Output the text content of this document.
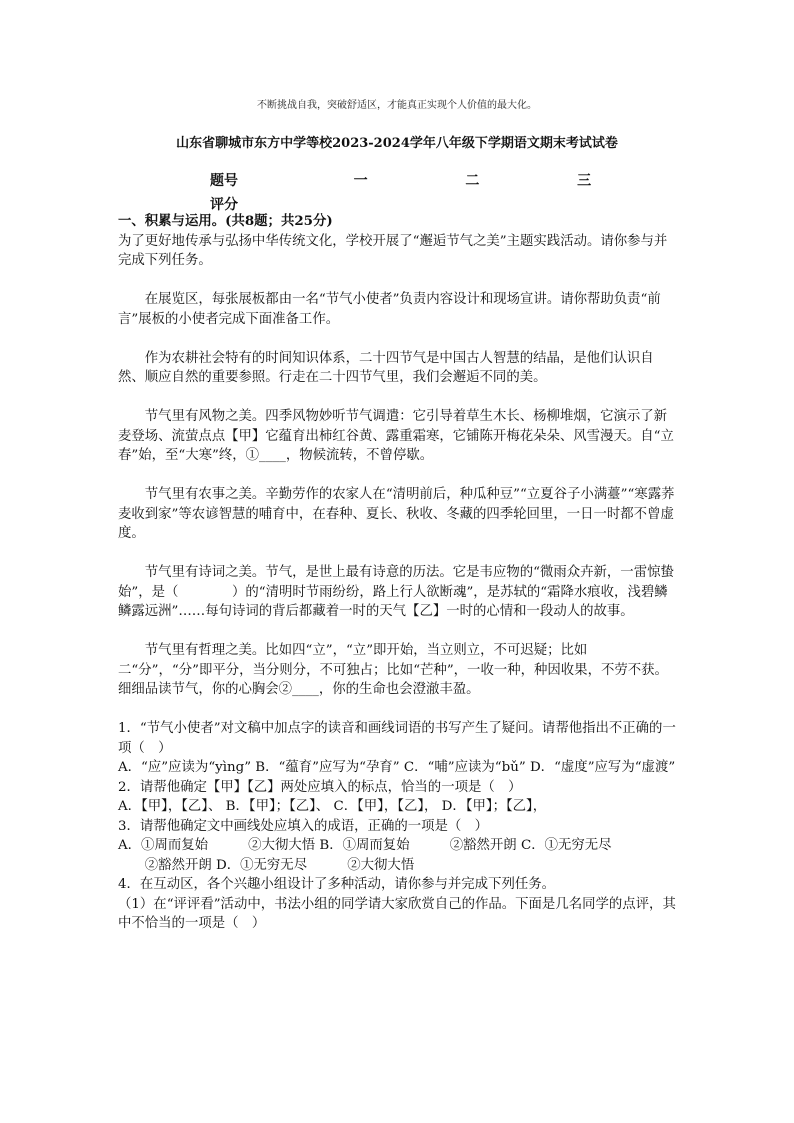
不断挑战自我，突破舒适区，才能真正实现个人价值的最大化。
山东省聊城市东方中学等校2023-2024学年八年级下学期语文期末考试试卷
题号	一	二	三
评分
一、积累与运用。(共8题；共25分)

为了更好地传承与弘扬中华传统文化，学校开展了“邂逅节气之美”主题实践活动。请你参与并完成下列任务。

在展览区，每张展板都由一名“节气小使者”负责内容设计和现场宣讲。请你帮助负责“前言”展板的小使者完成下面准备工作。

作为农耕社会特有的时间知识体系，二十四节气是中国古人智慧的结晶，是他们认识自然、顺应自然的重要参照。行走在二十四节气里，我们会邂逅不同的美。

节气里有风物之美。四季风物妙听节气调遣：它引导着草生木长、杨柳堆烟，它演示了新麦登场、流萤点点【甲】它蕴育出柿红谷黄、露重霜寒，它铺陈开梅花朵朵、风雪漫天。自“立春”始，至“大寒”终，①____，物候流转，不曾停歇。

节气里有农事之美。辛勤劳作的农家人在“清明前后，种瓜种豆”“立夏谷子小满薹”“寒露荞麦收到家”等农谚智慧的哺育中，在春种、夏长、秋收、冬藏的四季轮回里，一日一时都不曾虚度。

节气里有诗词之美。节气，是世上最有诗意的历法。它是韦应物的“微雨众卉新，一雷惊蛰始”，是（　　　　）的“清明时节雨纷纷，路上行人欲断魂”，是苏轼的“霜降水痕收，浅碧鳞鳞露远洲”……每句诗词的背后都藏着一时的天气【乙】一时的心情和一段动人的故事。

节气里有哲理之美。比如四“立”，“立”即开始，当立则立，不可迟疑；比如二“分”，“分”即平分，当分则分，不可独占；比如“芒种”，一收一种，种因收果，不劳不获。细细品读节气，你的心胸会②____，你的生命也会澄澈丰盈。

1．“节气小使者”对文稿中加点字的读音和画线词语的书写产生了疑问。请帮他指出不正确的一项（　）

A．“应”应读为“yìng” B．“蕴育”应写为“孕育” C．“哺”应读为“bǔ” D．“虚度”应写为“虚渡”

2．请帮他确定【甲】【乙】两处应填入的标点，恰当的一项是（　）

A．【甲】，【乙】、 B．【甲】；【乙】、 C．【甲】，【乙】， D．【甲】；【乙】，

3．请帮他确定文中画线处应填入的成语，正确的一项是（　）

A．①周而复始　　　②大彻大悟 B．①周而复始　　　②豁然开朗 C．①无穷无尽

②豁然开朗 D．①无穷无尽　　　②大彻大悟

4．在互动区，各个兴趣小组设计了多种活动，请你参与并完成下列任务。

（1）在“评评看”活动中，书法小组的同学请大家欣赏自己的作品。下面是几名同学的点评，其中不恰当的一项是（　）
